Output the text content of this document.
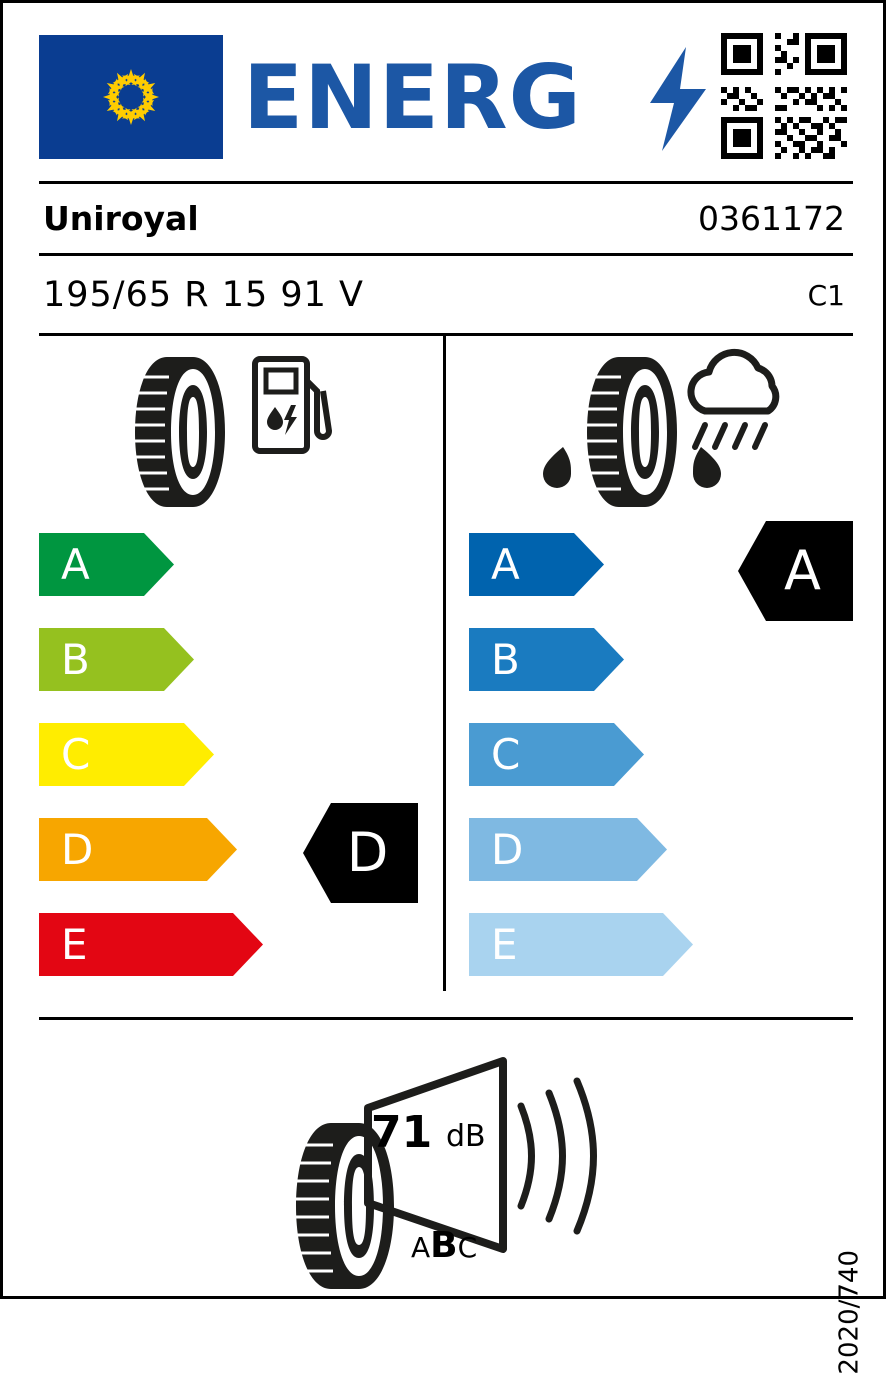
ENERG
Uniroyal	0361172
195/65 R 15 91 V	C1
A
B
C
D
E
D
A
B
C
D
E
A
71 dB
ABC
2020/740
